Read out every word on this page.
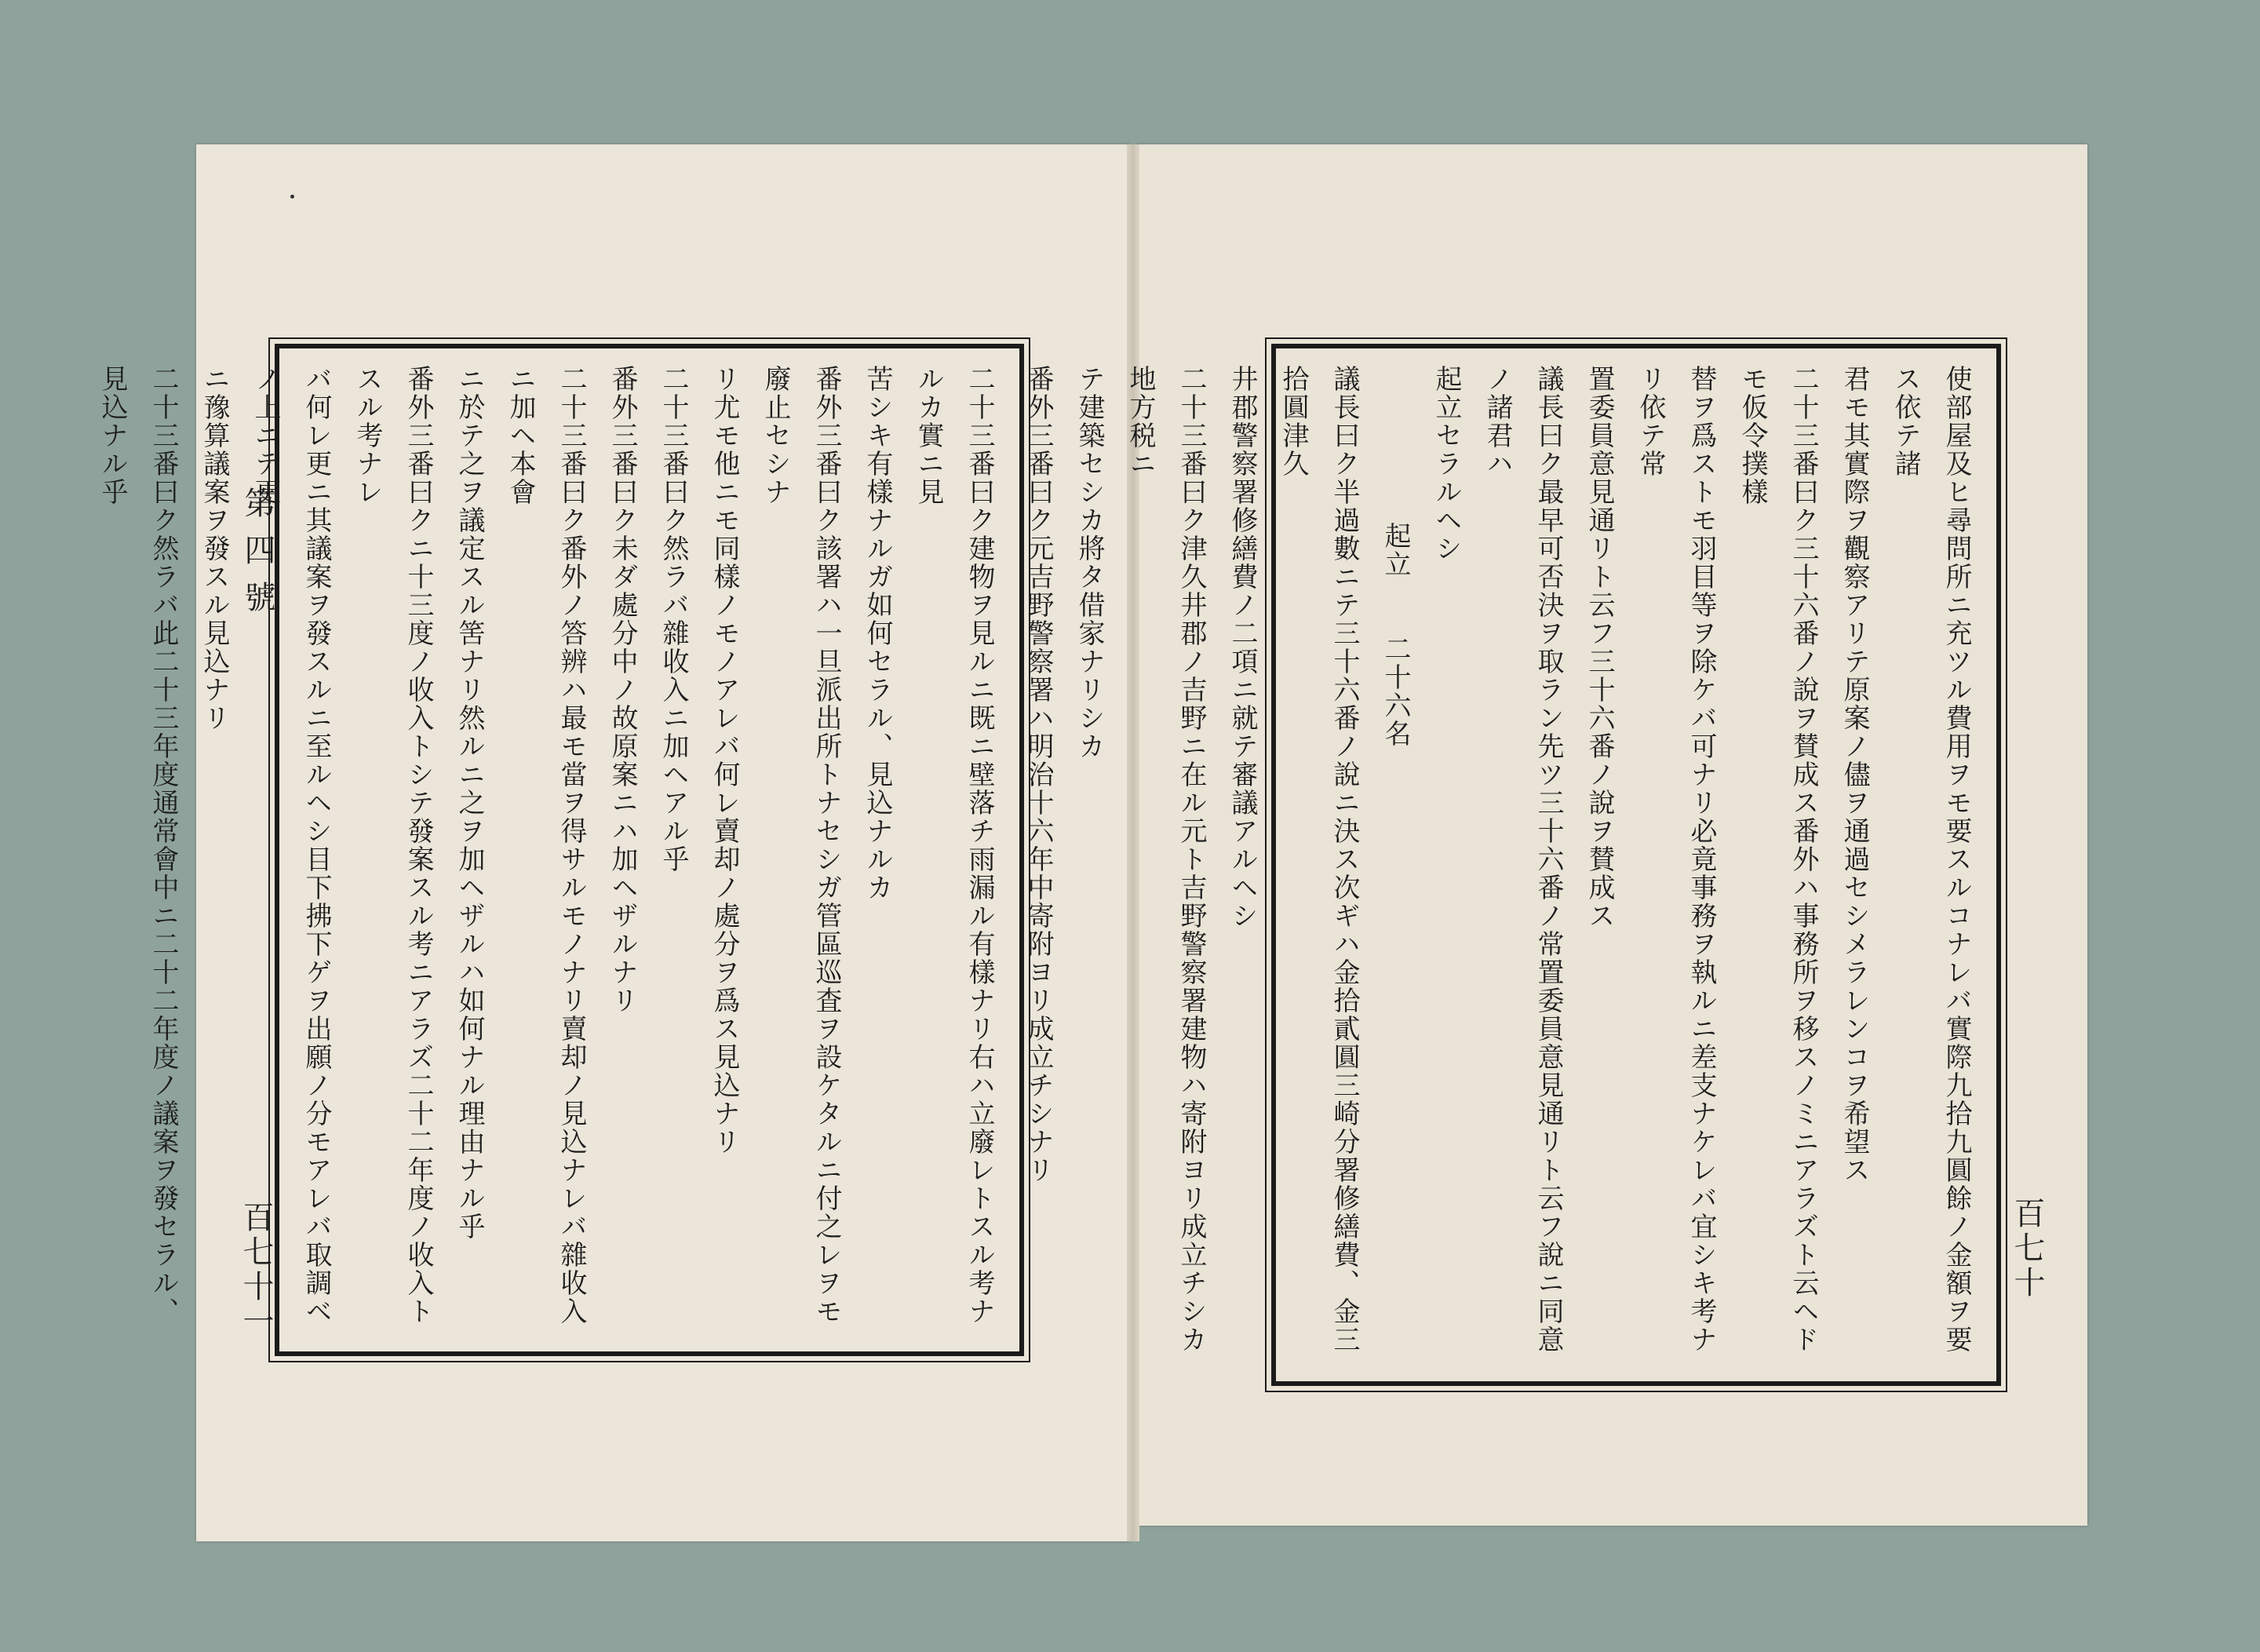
第四號
百七十一	百七十
二十三番曰ク建物ヲ見ルニ既ニ壁落チ雨漏ル有樣ナリ右ハ立廢レトスル考ナルカ實ニ見
苦シキ有樣ナルガ如何セラル、見込ナルカ
番外三番曰ク該署ハ一旦派出所トナセシガ管區巡査ヲ設ケタルニ付之レヲモ廢止セシナ
リ尤モ他ニモ同樣ノモノアレバ何レ賣却ノ處分ヲ爲ス見込ナリ
二十三番曰ク然ラバ雜收入ニ加ヘアル乎
番外三番曰ク未ダ處分中ノ故原案ニハ加ヘザルナリ
二十三番曰ク番外ノ答辨ハ最モ當ヲ得サルモノナリ賣却ノ見込ナレバ雜收入ニ加ヘ本會
ニ於テ之ヲ議定スル筈ナリ然ルニ之ヲ加ヘザルハ如何ナル理由ナル乎
番外三番曰クニ十三度ノ收入トシテ發案スル考ニアラズ二十二年度ノ收入トスル考ナレ
バ何レ更ニ其議案ヲ發スルニ至ルヘシ目下拂下ゲヲ出願ノ分モアレバ取調ベノ上ニテ更
ニ豫算議案ヲ發スル見込ナリ
二十三番曰ク然ラバ此二十三年度通常會中ニ二十二年度ノ議案ヲ發セラル、見込ナル乎	使部屋及ヒ尋問所ニ充ツル費用ヲモ要スルコナレバ實際九拾九圓餘ノ金額ヲ要ス依テ諸
君モ其實際ヲ觀察アリテ原案ノ儘ヲ通過セシメラレンコヲ希望ス
二十三番曰ク三十六番ノ說ヲ賛成ス番外ハ事務所ヲ移スノミニアラズト云ヘドモ仮令撲樣
替ヲ爲ストモ羽目等ヲ除ケバ可ナリ必竟事務ヲ執ルニ差支ナケレバ宜シキ考ナリ依テ常
置委員意見通リト云フ三十六番ノ說ヲ賛成ス
議長曰ク最早可否決ヲ取ラン先ツ三十六番ノ常置委員意見通リト云フ說ニ同意ノ諸君ハ
起立セラルヘシ
起立　　二十六名
議長曰ク半過數ニテ三十六番ノ說ニ決ス次ギハ金拾貳圓三崎分署修繕費、金三拾圓津久
井郡警察署修繕費ノ二項ニ就テ審議アルヘシ
二十三番曰ク津久井郡ノ吉野ニ在ル元ト吉野警察署建物ハ寄附ヨリ成立チシカ地方税ニ
テ建築セシカ將タ借家ナリシカ
番外三番曰ク元吉野警察署ハ明治十六年中寄附ヨリ成立チシナリ
